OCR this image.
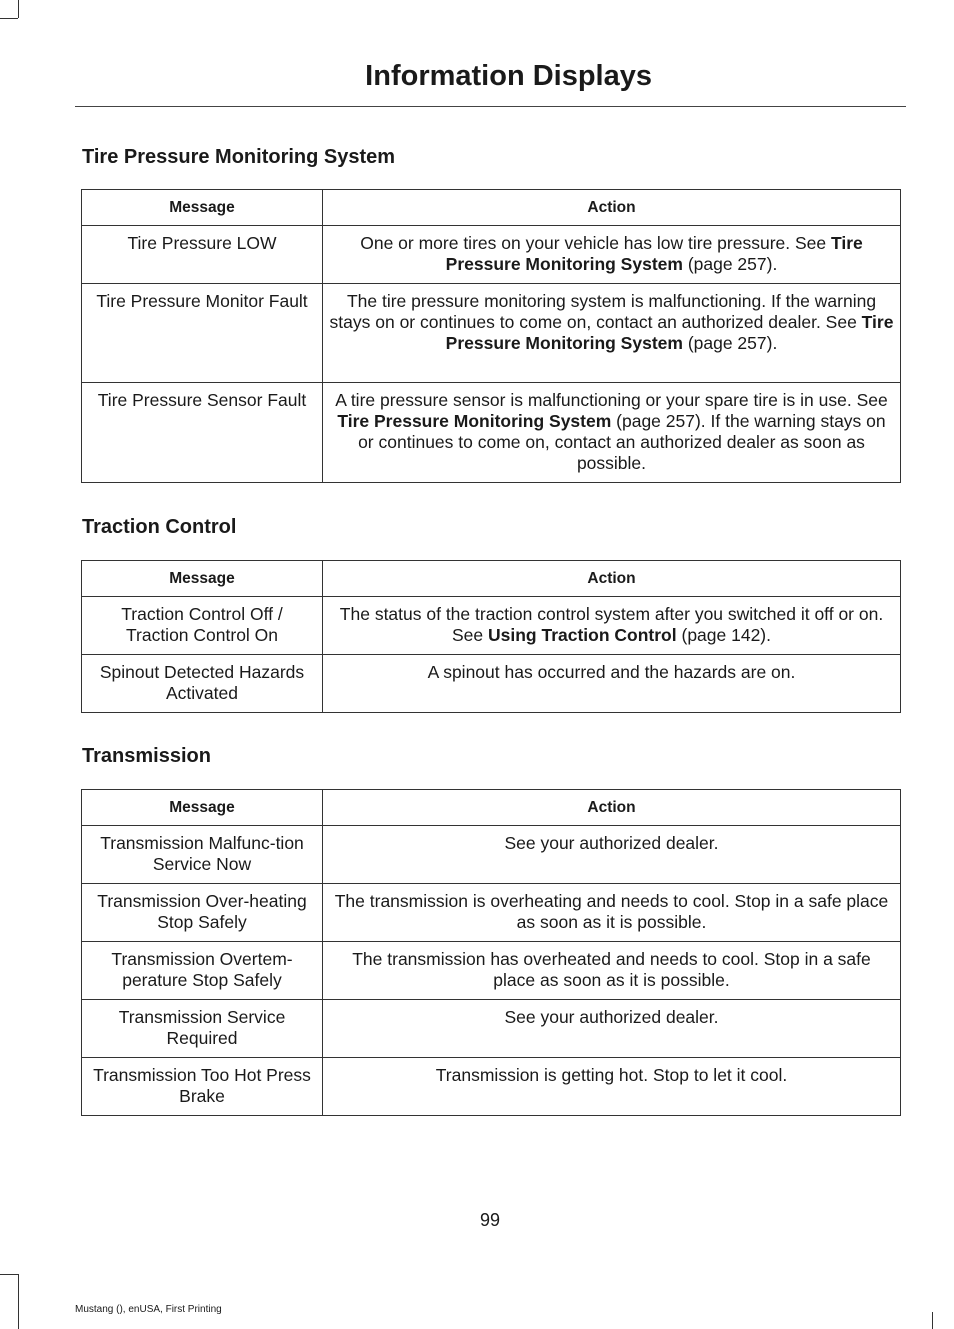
Information Displays
Tire Pressure Monitoring System
Message	Action
Tire Pressure LOW	One or more tires on your vehicle has low tire pressure. See Tire Pressure Monitoring System (page 257).
Tire Pressure Monitor Fault	The tire pressure monitoring system is malfunctioning. If the warning stays on or continues to come on, contact an authorized dealer. See Tire Pressure Monitoring System (page 257).
Tire Pressure Sensor Fault	A tire pressure sensor is malfunctioning or your spare tire is in use. See Tire Pressure Monitoring System (page 257). If the warning stays on or continues to come on, contact an authorized dealer as soon as possible.
Traction Control
Message	Action
Traction Control Off / Traction Control On	The status of the traction control system after you switched it off or on. See Using Traction Control (page 142).
Spinout Detected Hazards Activated	A spinout has occurred and the hazards are on.
Transmission
Message	Action
Transmission Malfunc-tion Service Now	See your authorized dealer.
Transmission Over-heating Stop Safely	The transmission is overheating and needs to cool. Stop in a safe place as soon as it is possible.
Transmission Overtem-perature Stop Safely	The transmission has overheated and needs to cool. Stop in a safe place as soon as it is possible.
Transmission Service Required	See your authorized dealer.
Transmission Too Hot Press Brake	Transmission is getting hot. Stop to let it cool.
99
Mustang (), enUSA, First Printing
